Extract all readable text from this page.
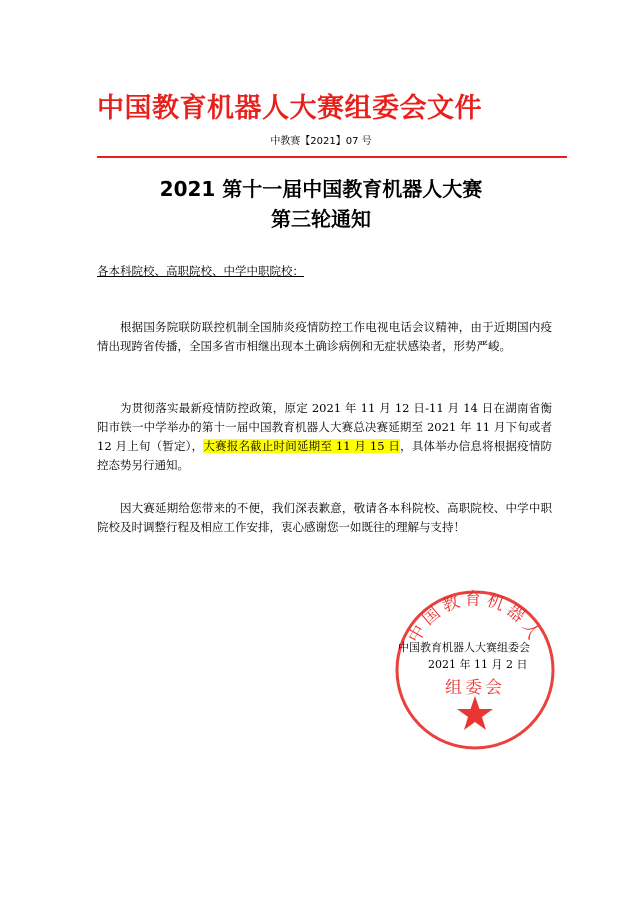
中国教育机器人大赛组委会文件
中教赛【2021】07 号
2021 第十一届中国教育机器人大赛
第三轮通知
各本科院校、高职院校、中学中职院校：
根据国务院联防联控机制全国肺炎疫情防控工作电视电话会议精神，由于近期国内疫情出现跨省传播，全国多省市相继出现本土确诊病例和无症状感染者，形势严峻。
为贯彻落实最新疫情防控政策，原定 2021 年 11 月 12 日-11 月 14 日在湖南省衡阳市铁一中学举办的第十一届中国教育机器人大赛总决赛延期至 2021 年 11 月下旬或者 12 月上旬（暂定），大赛报名截止时间延期至 11 月 15 日，具体举办信息将根据疫情防控态势另行通知。
因大赛延期给您带来的不便，我们深表歉意，敬请各本科院校、高职院校、中学中职院校及时调整行程及相应工作安排，衷心感谢您一如既往的理解与支持！
中国教育机器人
组委会
中国教育机器人大赛组委会
2021 年 11 月 2 日
